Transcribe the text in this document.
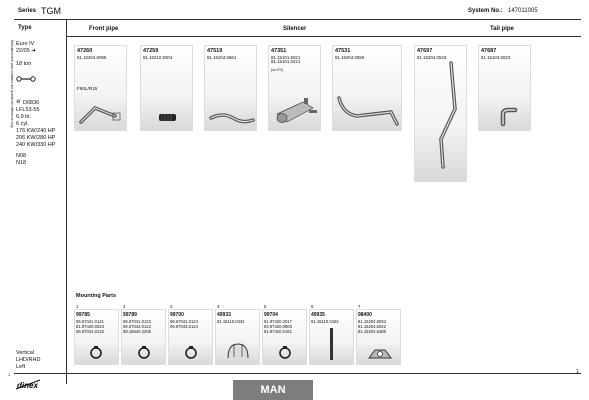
Series TGM	System No.: 147011005
Type	Front pipe	Silencer	Tail pipe
Euro IV
22/05 ➜
18 ton
⚙ D0836
LFL53-55
6,9 ltr.
6 cyl.
176 KW/240 HP
206 KW/280 HP
240 KW/330 HP
N08
N18
Vertical
LHD/RHD
Left
Manufacturers' part numbers are quoted for reference only	47260
81.15204.6096
F90L/R15
47259
81.15210.5004
47519
81.15204.0661
47351
81.15101.6021
81.15101.0421
(no EC)
47531
81.15204.0656
47697
81.15204.0543
47687
81.15103.0023
Mounting Parts
1
99785
06.67041.0121
81.97420.0023
06.67041.0133
2
99789
06.67041.0123
06.67042.0122
88.15640.2205
3
99700
06.67041.0124
06.67043.0124
4
49933
81.15110.0431
5
99704
81.97420.2017
83.97420.0500
81.97420.0161
6
49935
81.15110.0422
7
98400
81.15204.6034
81.15204.6022
81.15204.5486
dinex
1	1
MAN
